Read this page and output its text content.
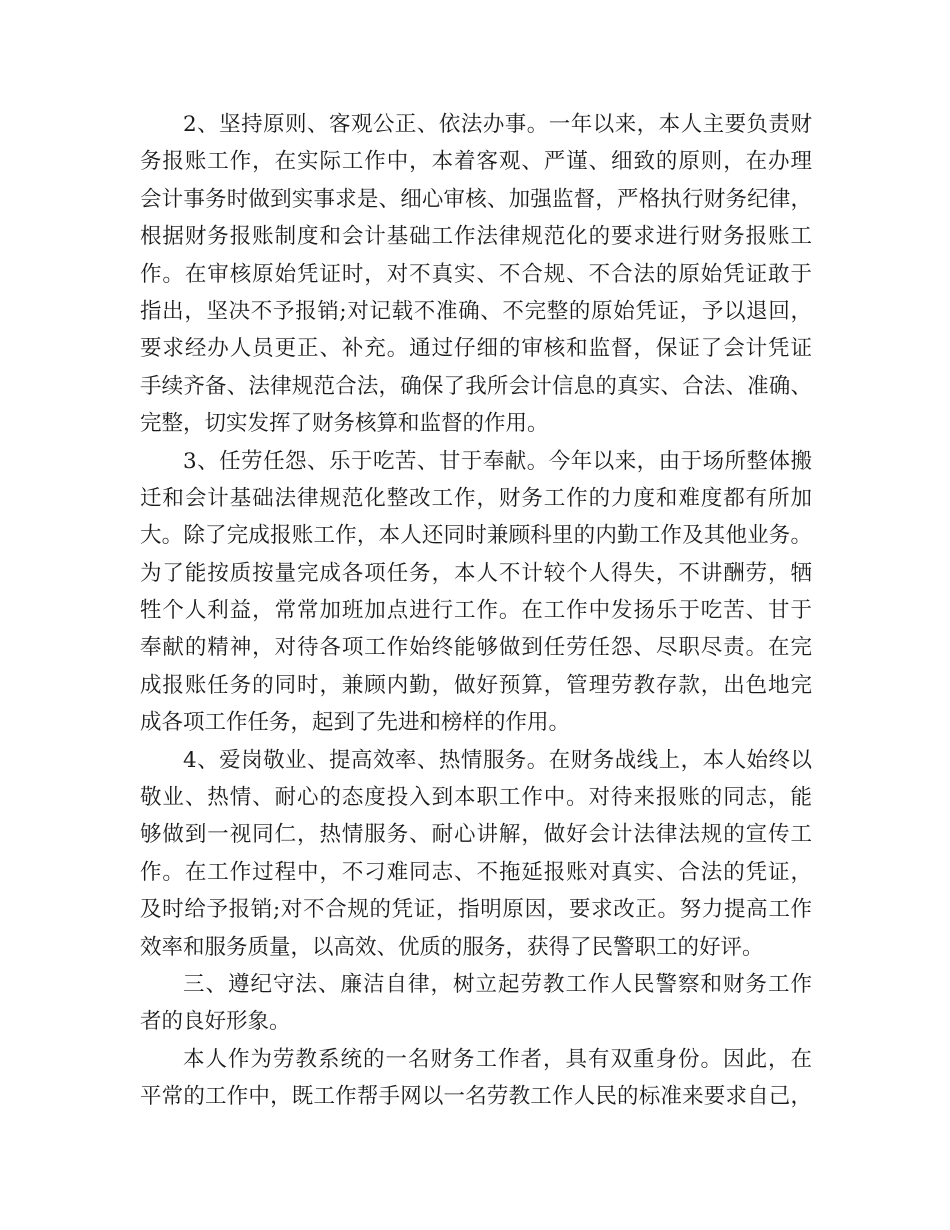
2、坚持原则、客观公正、依法办事。一年以来，本人主要负责财
务报账工作，在实际工作中，本着客观、严谨、细致的原则，在办理
会计事务时做到实事求是、细心审核、加强监督，严格执行财务纪律，
根据财务报账制度和会计基础工作法律规范化的要求进行财务报账工
作。在审核原始凭证时，对不真实、不合规、不合法的原始凭证敢于
指出，坚决不予报销;对记载不准确、不完整的原始凭证，予以退回，
要求经办人员更正、补充。通过仔细的审核和监督，保证了会计凭证
手续齐备、法律规范合法，确保了我所会计信息的真实、合法、准确、
完整，切实发挥了财务核算和监督的作用。
3、任劳任怨、乐于吃苦、甘于奉献。今年以来，由于场所整体搬
迁和会计基础法律规范化整改工作，财务工作的力度和难度都有所加
大。除了完成报账工作，本人还同时兼顾科里的内勤工作及其他业务。
为了能按质按量完成各项任务，本人不计较个人得失，不讲酬劳，牺
牲个人利益，常常加班加点进行工作。在工作中发扬乐于吃苦、甘于
奉献的精神，对待各项工作始终能够做到任劳任怨、尽职尽责。在完
成报账任务的同时，兼顾内勤，做好预算，管理劳教存款，出色地完
成各项工作任务，起到了先进和榜样的作用。
4、爱岗敬业、提高效率、热情服务。在财务战线上，本人始终以
敬业、热情、耐心的态度投入到本职工作中。对待来报账的同志，能
够做到一视同仁，热情服务、耐心讲解，做好会计法律法规的宣传工
作。在工作过程中，不刁难同志、不拖延报账对真实、合法的凭证，
及时给予报销;对不合规的凭证，指明原因，要求改正。努力提高工作
效率和服务质量，以高效、优质的服务，获得了民警职工的好评。
三、遵纪守法、廉洁自律，树立起劳教工作人民警察和财务工作
者的良好形象。
本人作为劳教系统的一名财务工作者，具有双重身份。因此，在
平常的工作中，既工作帮手网以一名劳教工作人民的标准来要求自己，
